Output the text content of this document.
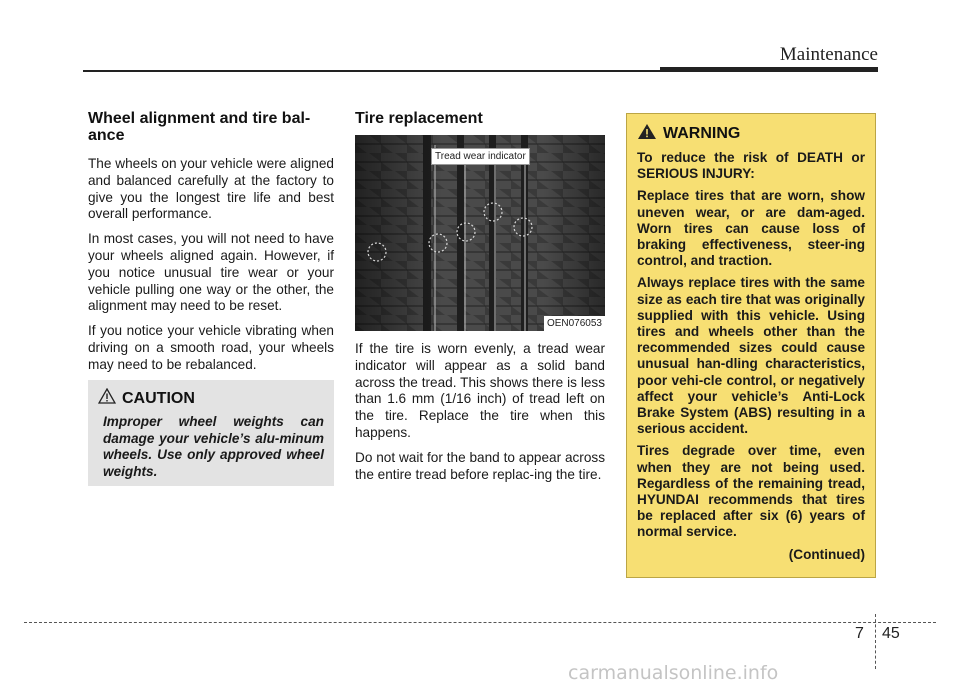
Maintenance
Wheel alignment and tire bal-
ance

The wheels on your vehicle were aligned and balanced carefully at the factory to give you the longest tire life and best overall performance.

In most cases, you will not need to have your wheels aligned again. However, if you notice unusual tire wear or your vehicle pulling one way or the other, the alignment may need to be reset.

If you notice your vehicle vibrating when driving on a smooth road, your wheels may need to be rebalanced.

CAUTION

Improper wheel weights can damage your vehicle’s alu-minum wheels. Use only approved wheel weights.

Tire replacement
Tread wear indicator
OEN076053

If the tire is worn evenly, a tread wear indicator will appear as a solid band across the tread. This shows there is less than 1.6 mm (1/16 inch) of tread left on the tire. Replace the tire when this happens.

Do not wait for the band to appear across the entire tread before replac-ing the tire.

WARNING

To reduce the risk of DEATH or SERIOUS INJURY:

Replace tires that are worn, show uneven wear, or are dam-aged. Worn tires can cause loss of braking effectiveness, steer-ing control, and traction.

Always replace tires with the same size as each tire that was originally supplied with this vehicle. Using tires and wheels other than the recommended sizes could cause unusual han-dling characteristics, poor vehi-cle control, or negatively affect your vehicle’s Anti-Lock Brake System (ABS) resulting in a serious accident.

Tires degrade over time, even when they are not being used. Regardless of the remaining tread, HYUNDAI recommends that tires be replaced after six (6) years of normal service.

(Continued)

7 45
carmanualsonline.info
